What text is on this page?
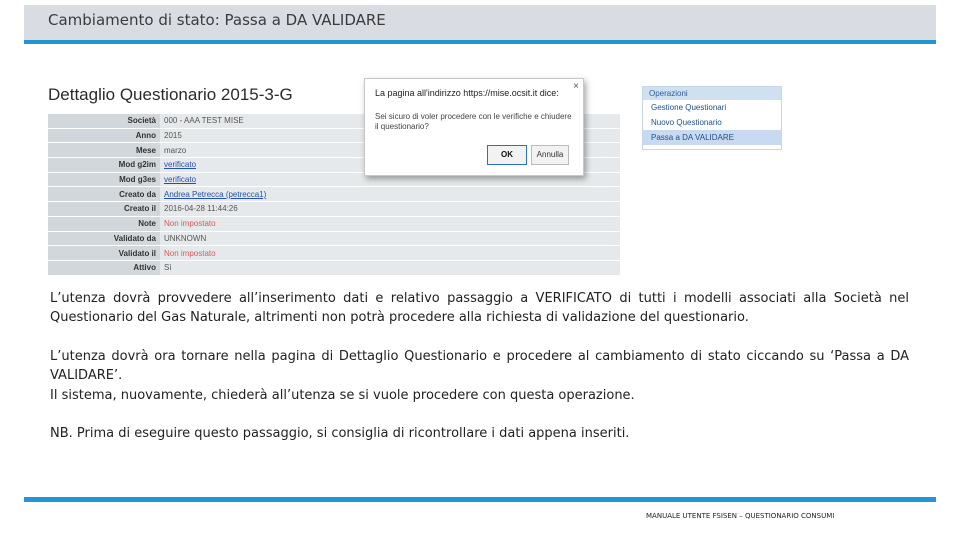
Cambiamento di stato: Passa a DA VALIDARE
Dettaglio Questionario 2015-3-G
Società	000 - AAA TEST MISE
Anno	2015
Mese	marzo
Mod g2im	verificato
Mod g3es	verificato
Creato da	Andrea Petrecca (petrecca1)
Creato il	2016-04-28 11:44:26
Note	Non impostato
Validato da	UNKNOWN
Validato il	Non impostato
Attivo	Sì
La pagina all'indirizzo https://mise.ocsit.it dice:
×
Sei sicuro di voler procedere con le verifiche e chiudere il questionario?
OK	Annulla
Operazioni
Gestione Questionari
Nuovo Questionario
Passa a DA VALIDARE
L’utenza dovrà provvedere all’inserimento dati e relativo passaggio a VERIFICATO di tutti i modelli associati alla Società nel Questionario del Gas Naturale, altrimenti non potrà procedere alla richiesta di validazione del questionario.
L’utenza dovrà ora tornare nella pagina di Dettaglio Questionario e procedere al cambiamento di stato ciccando su ‘Passa a DA VALIDARE’.
Il sistema, nuovamente, chiederà all’utenza se si vuole procedere con questa operazione.
NB. Prima di eseguire questo passaggio, si consiglia di ricontrollare i dati appena inseriti.
MANUALE UTENTE FSISEN – QUESTIONARIO CONSUMI
